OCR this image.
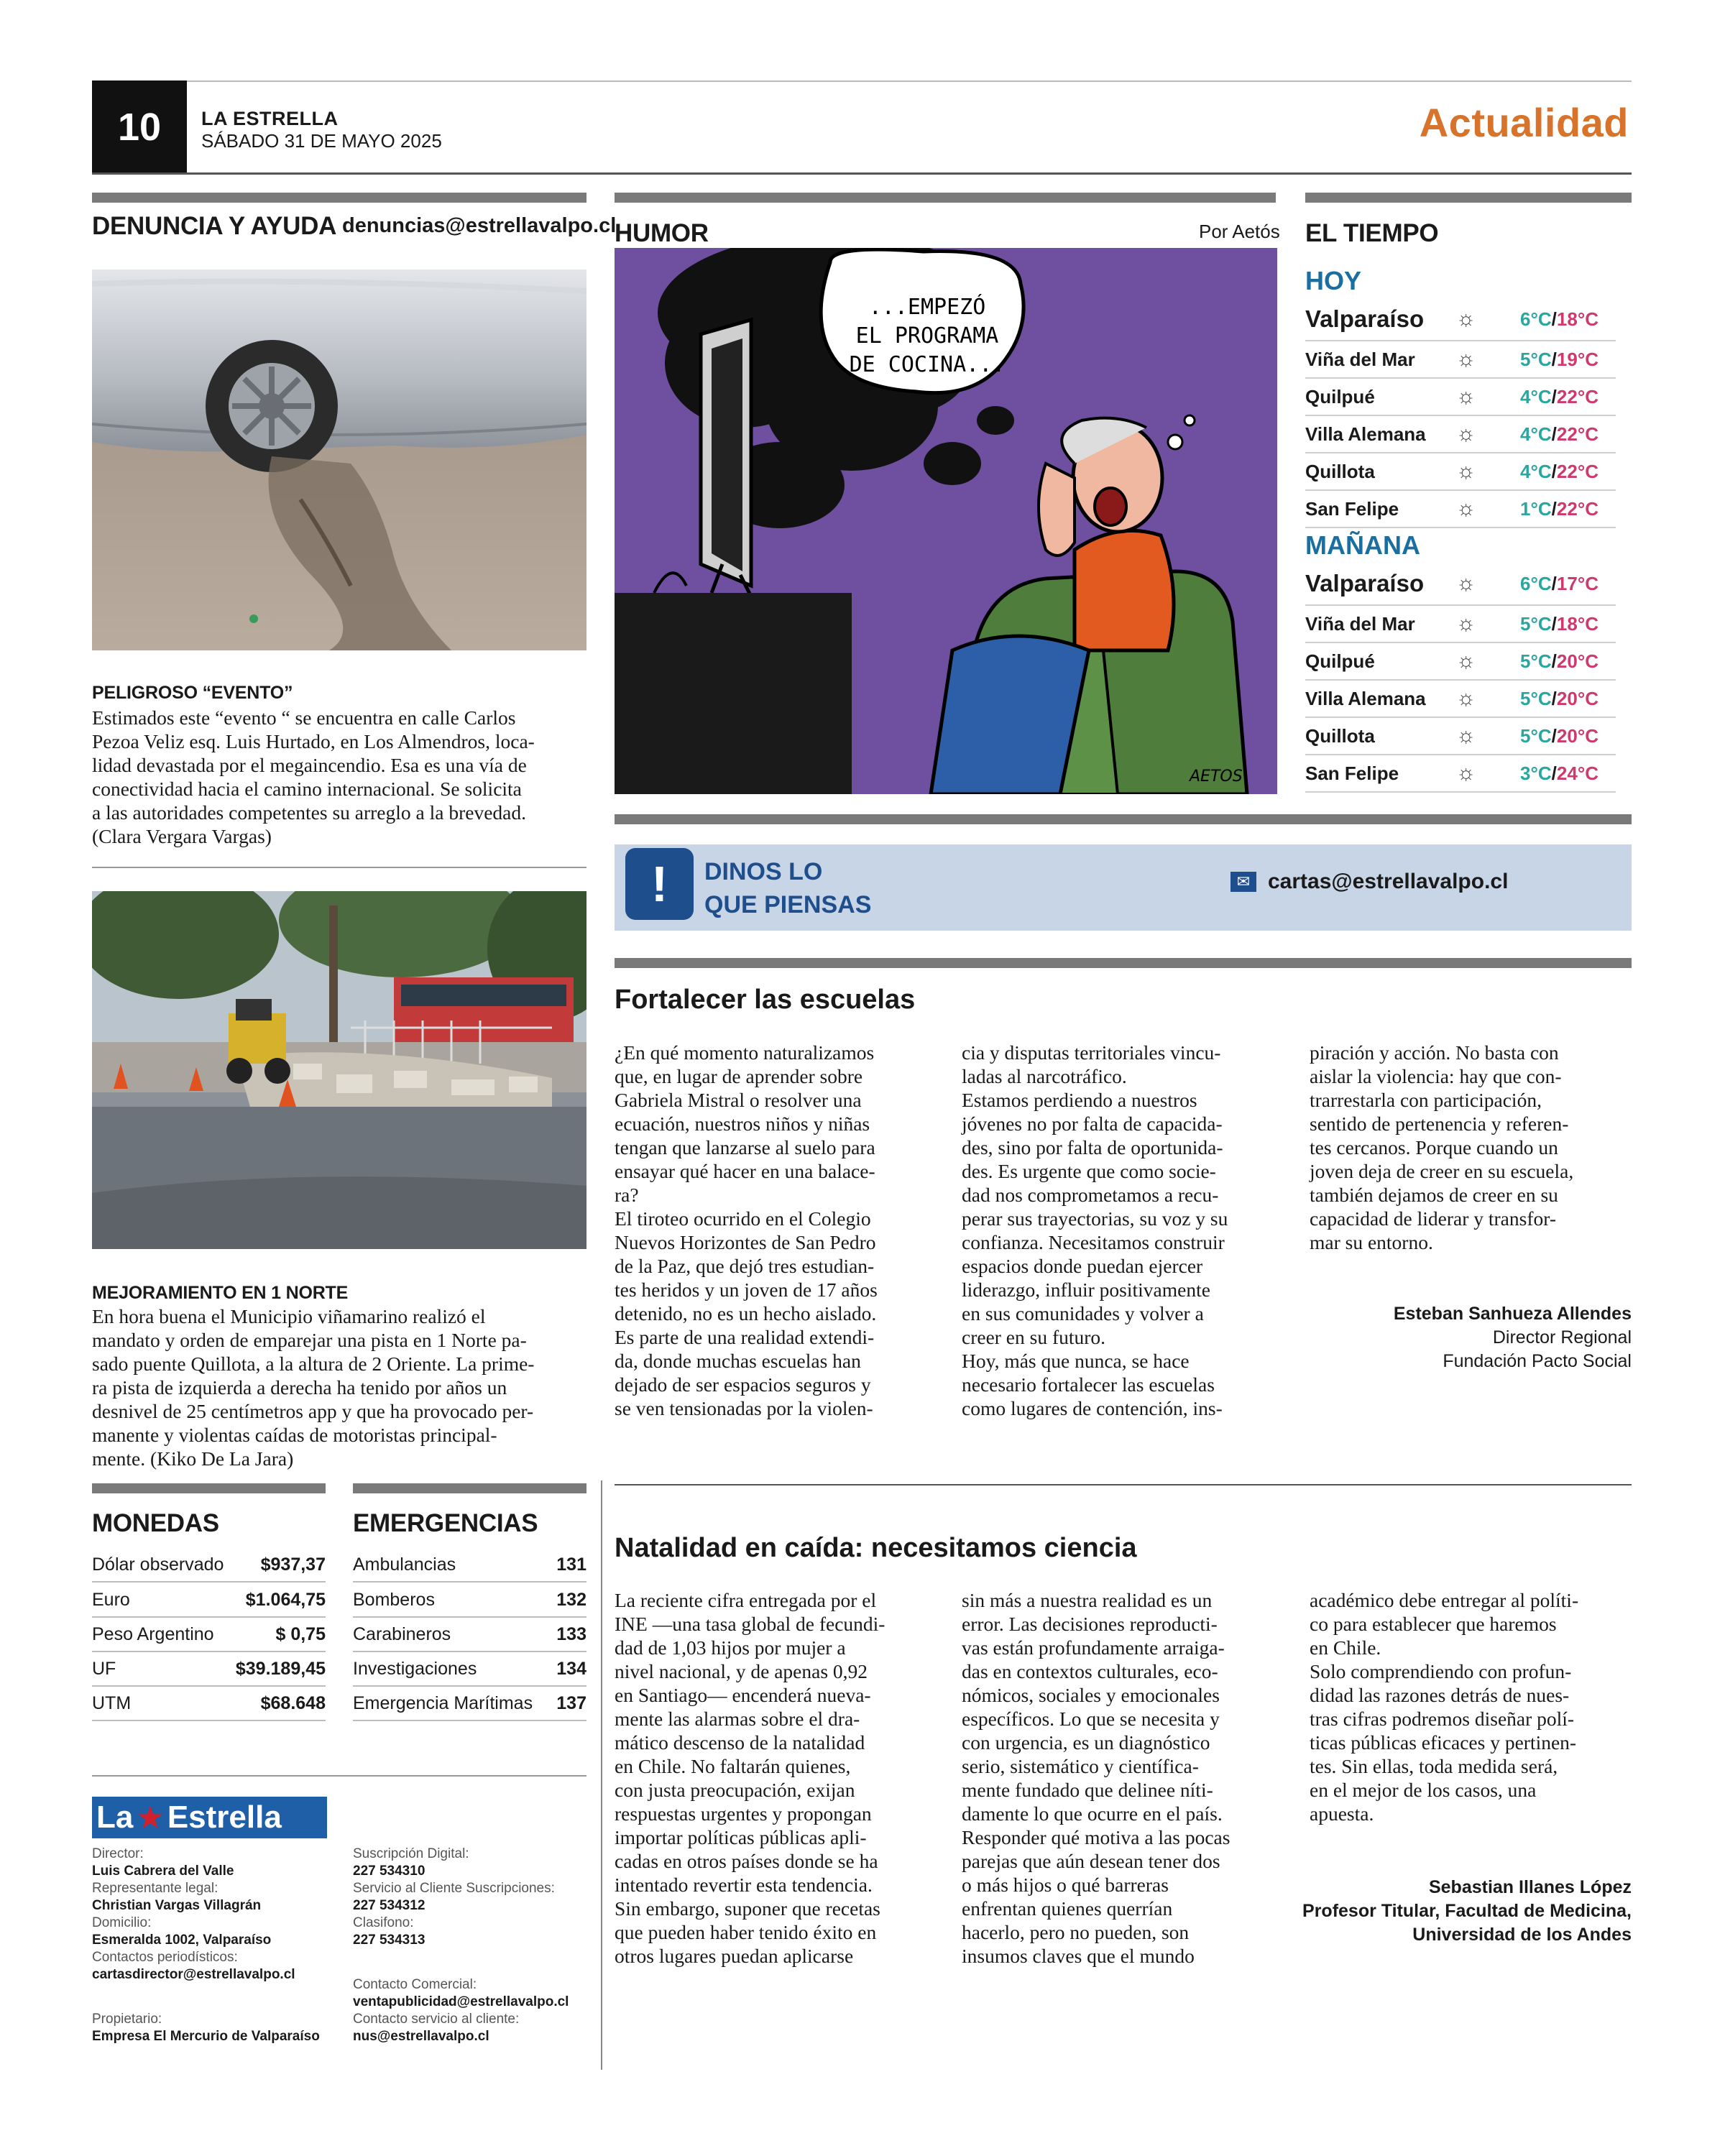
10	LA ESTRELLA
SÁBADO 31 DE MAYO 2025	Actualidad
DENUNCIA Y AYUDA denuncias@estrellavalpo.cl
PELIGROSO “EVENTO”
Estimados este “evento “ se encuentra en calle Carlos
Pezoa Veliz esq. Luis Hurtado, en Los Almendros, loca-
lidad devastada por el megaincendio. Esa es una vía de
conectividad hacia el camino internacional. Se solicita
a las autoridades competentes su arreglo a la brevedad.
(Clara Vergara Vargas)
MEJORAMIENTO EN 1 NORTE
En hora buena el Municipio viñamarino realizó el
mandato y orden de emparejar una pista en 1 Norte pa-
sado puente Quillota, a la altura de 2 Oriente. La prime-
ra pista de izquierda a derecha ha tenido por años un
desnivel de 25 centímetros app y que ha provocado per-
manente y violentas caídas de motoristas principal-
mente. (Kiko De La Jara)
MONEDAS
Dólar observado $937,37
Euro	$1.064,75
Peso Argentino	$ 0,75
UF	$39.189,45
UTM	$68.648
EMERGENCIAS
Ambulancias	131
Bomberos	132
Carabineros	133
Investigaciones	134
Emergencia Marítimas 137
La ★ Estrella
Director:
Luis Cabrera del Valle
Representante legal:
Christian Vargas Villagrán
Domicilio:
Esmeralda 1002, Valparaíso
Contactos periodísticos:
cartasdirector@estrellavalpo.cl
Propietario:
Empresa El Mercurio de Valparaíso
Suscripción Digital:
227 534310
Servicio al Cliente Suscripciones:
227 534312
Clasifono:
227 534313
Contacto Comercial:
ventapublicidad@estrellavalpo.cl
Contacto servicio al cliente:
nus@estrellavalpo.cl
HUMOR	Por Aetós
...EMPEZÓ
EL PROGRAMA
DE COCINA...
AETOS
EL TIEMPO
HOY
Valparaíso	☼	6°C/18°C
Viña del Mar	☼	5°C/19°C
Quilpué	☼	4°C/22°C
Villa Alemana	☼	4°C/22°C
Quillota	☼	4°C/22°C
San Felipe	☼	1°C/22°C
MAÑANA
Valparaíso	☼	6°C/17°C
Viña del Mar	☼	5°C/18°C
Quilpué	☼	5°C/20°C
Villa Alemana	☼	5°C/20°C
Quillota	☼	5°C/20°C
San Felipe	☼	3°C/24°C
!	DINOS LO
QUE PIENSAS
✉ cartas@estrellavalpo.cl
Fortalecer las escuelas
¿En qué momento naturalizamos
que, en lugar de aprender sobre
Gabriela Mistral o resolver una
ecuación, nuestros niños y niñas
tengan que lanzarse al suelo para
ensayar qué hacer en una balace-
ra?
El tiroteo ocurrido en el Colegio
Nuevos Horizontes de San Pedro
de la Paz, que dejó tres estudian-
tes heridos y un joven de 17 años
detenido, no es un hecho aislado.
Es parte de una realidad extendi-
da, donde muchas escuelas han
dejado de ser espacios seguros y
se ven tensionadas por la violen-
cia y disputas territoriales vincu-
ladas al narcotráfico.
Estamos perdiendo a nuestros
jóvenes no por falta de capacida-
des, sino por falta de oportunida-
des. Es urgente que como socie-
dad nos comprometamos a recu-
perar sus trayectorias, su voz y su
confianza. Necesitamos construir
espacios donde puedan ejercer
liderazgo, influir positivamente
en sus comunidades y volver a
creer en su futuro.
Hoy, más que nunca, se hace
necesario fortalecer las escuelas
como lugares de contención, ins-
piración y acción. No basta con
aislar la violencia: hay que con-
trarrestarla con participación,
sentido de pertenencia y referen-
tes cercanos. Porque cuando un
joven deja de creer en su escuela,
también dejamos de creer en su
capacidad de liderar y transfor-
mar su entorno.
Esteban Sanhueza Allendes
Director Regional
Fundación Pacto Social
Natalidad en caída: necesitamos ciencia
La reciente cifra entregada por el
INE —una tasa global de fecundi-
dad de 1,03 hijos por mujer a
nivel nacional, y de apenas 0,92
en Santiago— encenderá nueva-
mente las alarmas sobre el dra-
mático descenso de la natalidad
en Chile. No faltarán quienes,
con justa preocupación, exijan
respuestas urgentes y propongan
importar políticas públicas apli-
cadas en otros países donde se ha
intentado revertir esta tendencia.
Sin embargo, suponer que recetas
que pueden haber tenido éxito en
otros lugares puedan aplicarse
sin más a nuestra realidad es un
error. Las decisiones reproducti-
vas están profundamente arraiga-
das en contextos culturales, eco-
nómicos, sociales y emocionales
específicos. Lo que se necesita y
con urgencia, es un diagnóstico
serio, sistemático y científica-
mente fundado que delinee níti-
damente lo que ocurre en el país.
Responder qué motiva a las pocas
parejas que aún desean tener dos
o más hijos o qué barreras
enfrentan quienes querrían
hacerlo, pero no pueden, son
insumos claves que el mundo
académico debe entregar al políti-
co para establecer que haremos
en Chile.
Solo comprendiendo con profun-
didad las razones detrás de nues-
tras cifras podremos diseñar polí-
ticas públicas eficaces y pertinen-
tes. Sin ellas, toda medida será,
en el mejor de los casos, una
apuesta.
Sebastian Illanes López
Profesor Titular, Facultad de Medicina,
Universidad de los Andes
